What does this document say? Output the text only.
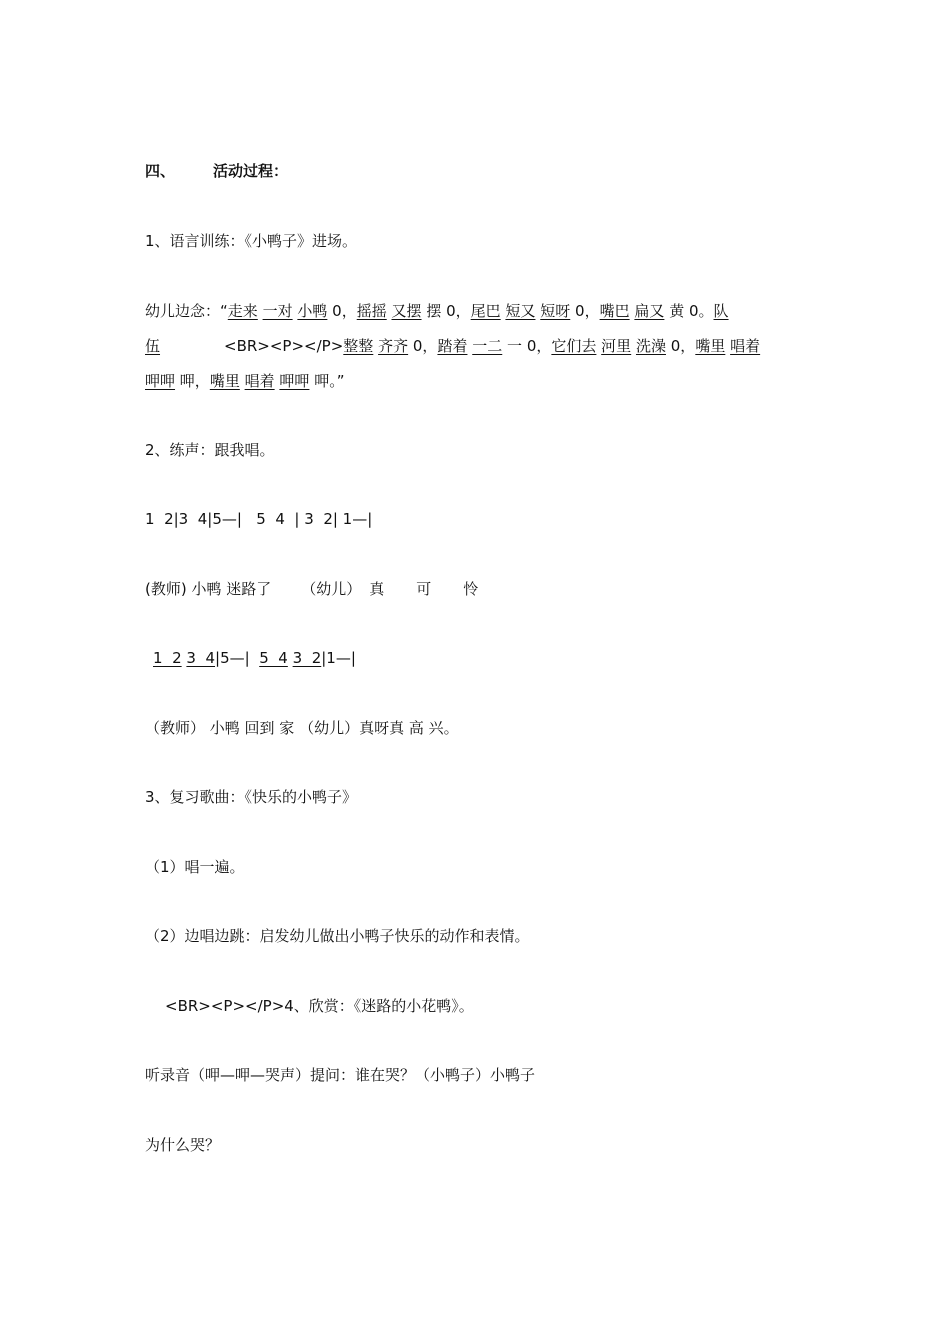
四、	活动过程：
1、语言训练：《小鸭子》进场。
幼儿边念：“走来 一对 小鸭 0，摇摇 又摆 摆 0，尾巴 短又 短呀 0，嘴巴 扁又 黄 0。队
伍	<BR><P></P>整整 齐齐 0，踏着 一二 一 0，它们去 河里 洗澡 0，嘴里 唱着
呷呷 呷，嘴里 唱着 呷呷 呷。”
2、练声：跟我唱。
1  2|3  4|5—|   5  4  | 3  2| 1—|
(教师) 小鸭 迷路了 （幼儿） 真 可 怜
1  2 3  4|5—|  5  4 3  2|1—|
（教师） 小鸭 回到 家 （幼儿）真呀真 高 兴。
3、复习歌曲：《快乐的小鸭子》
（1）唱一遍。
（2）边唱边跳：启发幼儿做出小鸭子快乐的动作和表情。
<BR><P></P>4、欣赏：《迷路的小花鸭》。
听录音（呷—呷—哭声）提问：谁在哭？（小鸭子）小鸭子
为什么哭？
